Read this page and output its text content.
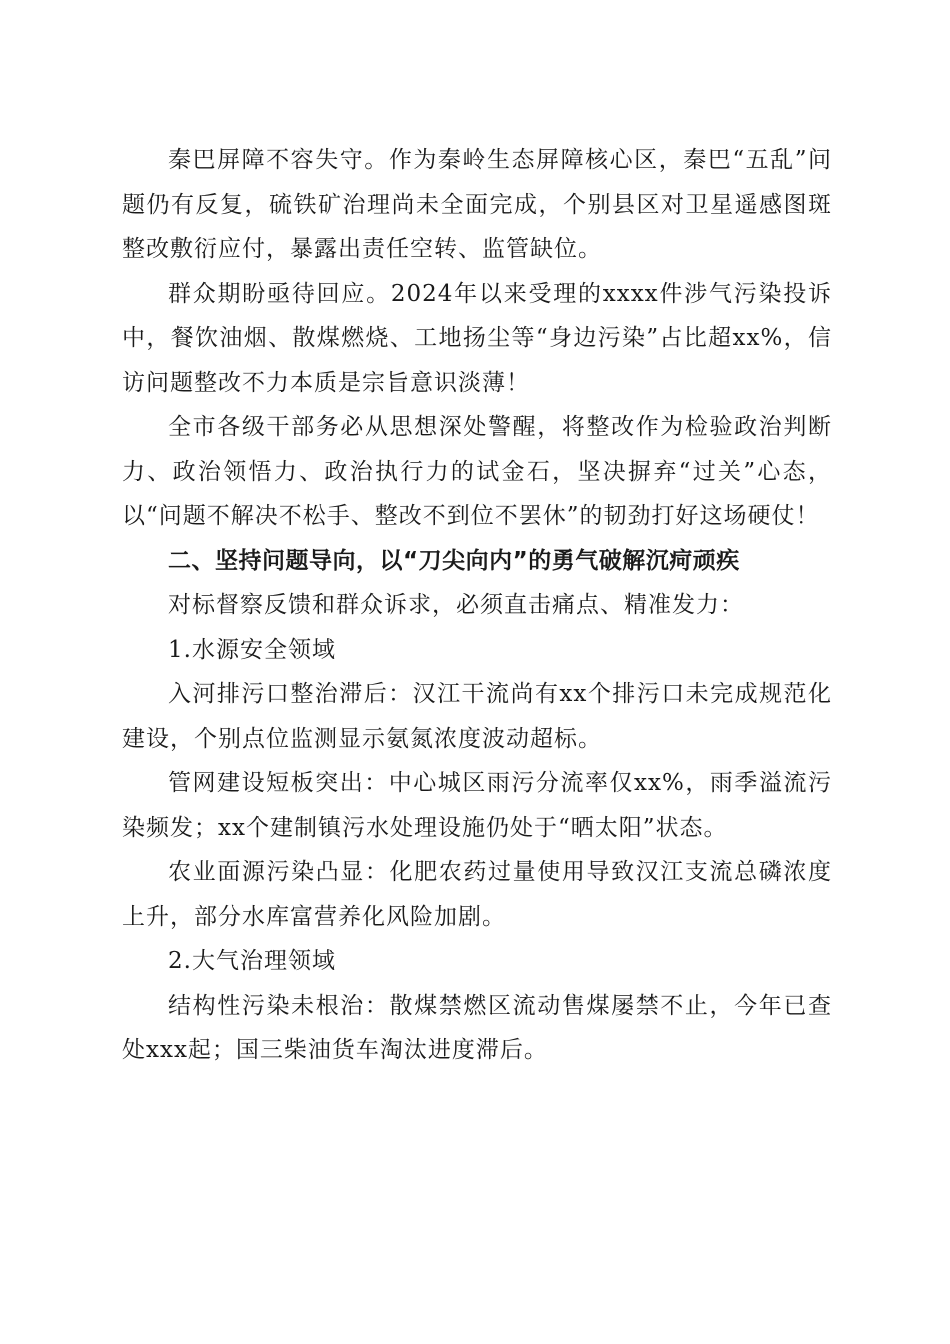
秦巴屏障不容失守。作为秦岭生态屏障核心区，秦巴“五乱”问题仍有反复，硫铁矿治理尚未全面完成，个别县区对卫星遥感图斑整改敷衍应付，暴露出责任空转、监管缺位。

群众期盼亟待回应。2024年以来受理的xxxx件涉气污染投诉中，餐饮油烟、散煤燃烧、工地扬尘等“身边污染”占比超xx%，信访问题整改不力本质是宗旨意识淡薄！

全市各级干部务必从思想深处警醒，将整改作为检验政治判断力、政治领悟力、政治执行力的试金石，坚决摒弃“过关”心态，以“问题不解决不松手、整改不到位不罢休”的韧劲打好这场硬仗！

二、坚持问题导向，以“刀尖向内”的勇气破解沉疴顽疾

对标督察反馈和群众诉求，必须直击痛点、精准发力：

1.水源安全领域

入河排污口整治滞后：汉江干流尚有xx个排污口未完成规范化建设，个别点位监测显示氨氮浓度波动超标。

管网建设短板突出：中心城区雨污分流率仅xx%，雨季溢流污染频发；xx个建制镇污水处理设施仍处于“晒太阳”状态。

农业面源污染凸显：化肥农药过量使用导致汉江支流总磷浓度上升，部分水库富营养化风险加剧。

2.大气治理领域

结构性污染未根治：散煤禁燃区流动售煤屡禁不止，今年已查处xxx起；国三柴油货车淘汰进度滞后。
